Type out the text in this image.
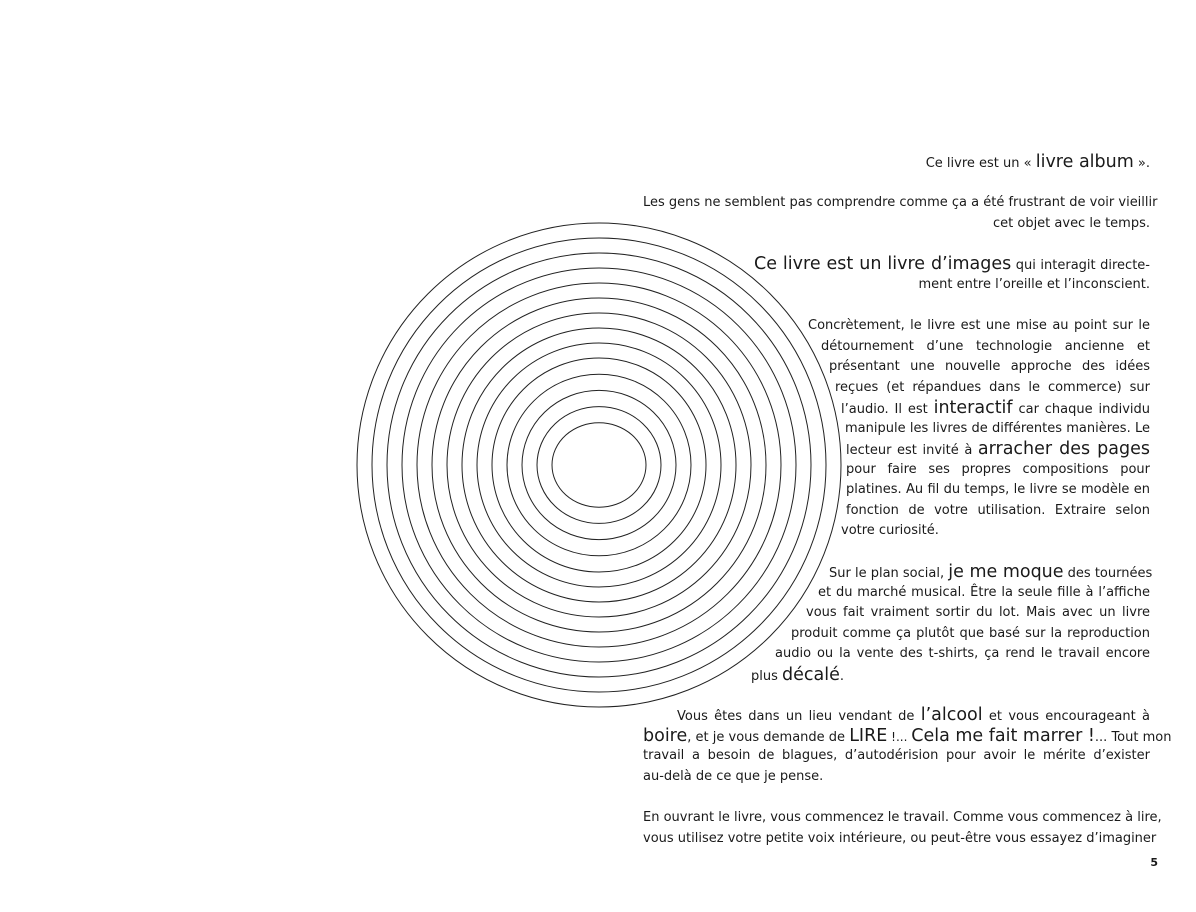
Ce livre est un « livre album ».
Les gens ne semblent pas comprendre comme ça a été frustrant de voir vieillir
cet objet avec le temps.
Ce livre est un livre d’images qui interagit directe-
ment entre l’oreille et l’inconscient.
Concrètement, le livre est une mise au point sur le
détournement d’une technologie ancienne et
présentant une nouvelle approche des idées
reçues (et répandues dans le commerce) sur
l’audio. Il est interactif car chaque individu
manipule les livres de différentes manières. Le
lecteur est invité à arracher des pages
pour faire ses propres compositions pour
platines. Au fil du temps, le livre se modèle en
fonction de votre utilisation. Extraire selon
votre curiosité.
Sur le plan social, je me moque des tournées
et du marché musical. Être la seule fille à l’affiche
vous fait vraiment sortir du lot. Mais avec un livre
produit comme ça plutôt que basé sur la reproduction
audio ou la vente des t-shirts, ça rend le travail encore
plus décalé.
Vous êtes dans un lieu vendant de l’alcool et vous encourageant à
boire, et je vous demande de LIRE !... Cela me fait marrer !... Tout mon
travail a besoin de blagues, d’autodérision pour avoir le mérite d’exister
au-delà de ce que je pense.
En ouvrant le livre, vous commencez le travail. Comme vous commencez à lire,
vous utilisez votre petite voix intérieure, ou peut-être vous essayez d’imaginer
5
